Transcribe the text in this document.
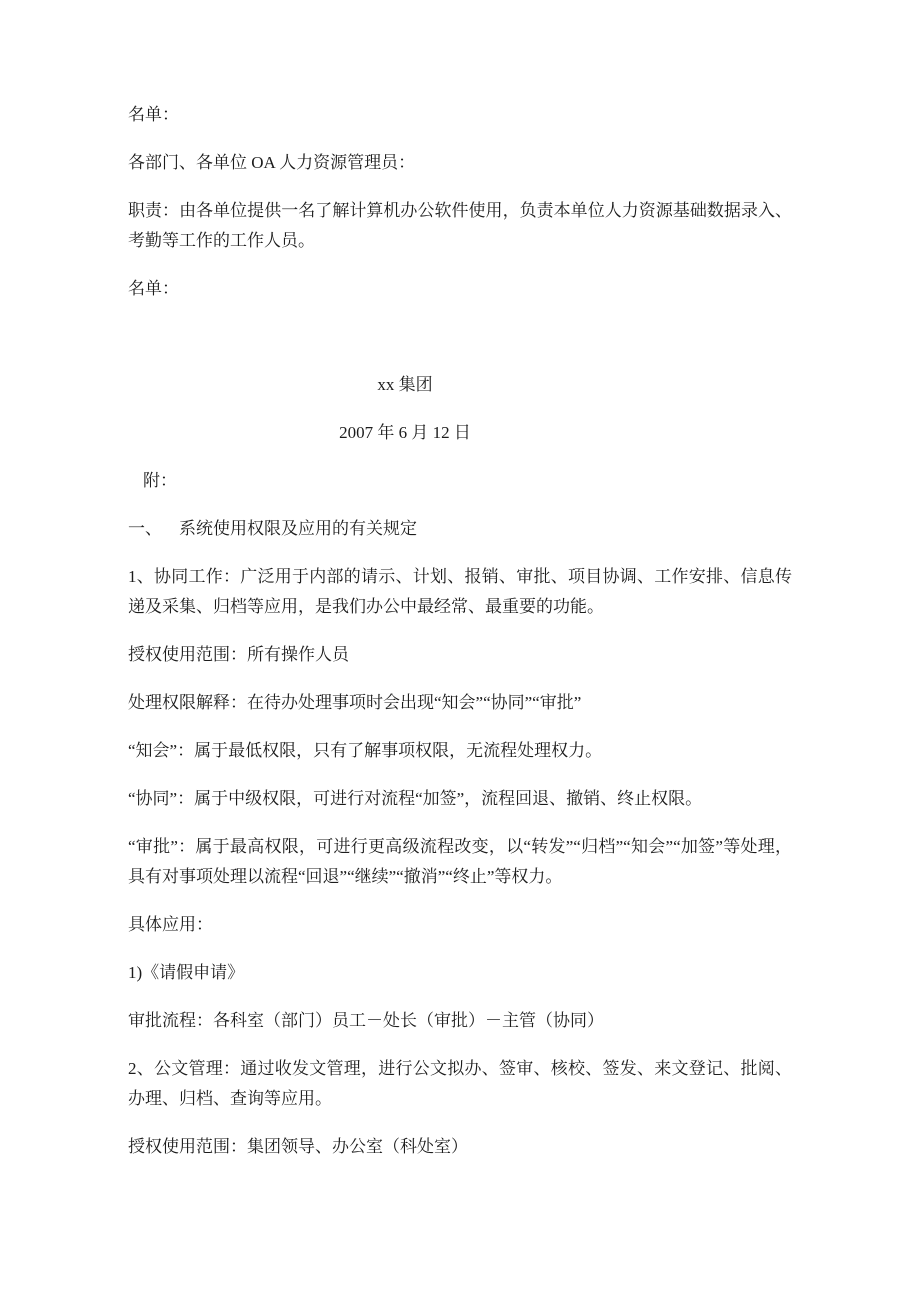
名单：

各部门、各单位 OA 人力资源管理员：

职责：由各单位提供一名了解计算机办公软件使用，负责本单位人力资源基础数据录入、考勤等工作的工作人员。

名单：

xx 集团

2007 年 6 月 12 日

附：

一、 系统使用权限及应用的有关规定

1、协同工作：广泛用于内部的请示、计划、报销、审批、项目协调、工作安排、信息传递及采集、归档等应用，是我们办公中最经常、最重要的功能。

授权使用范围：所有操作人员

处理权限解释：在待办处理事项时会出现“知会”“协同”“审批”

“知会”：属于最低权限，只有了解事项权限，无流程处理权力。

“协同”：属于中级权限，可进行对流程“加签”，流程回退、撤销、终止权限。

“审批”：属于最高权限，可进行更高级流程改变，以“转发”“归档”“知会”“加签”等处理，具有对事项处理以流程“回退”“继续”“撤消”“终止”等权力。

具体应用：

1)《请假申请》

审批流程：各科室（部门）员工－处长（审批）－主管（协同）

2、公文管理：通过收发文管理，进行公文拟办、签审、核校、签发、来文登记、批阅、办理、归档、查询等应用。

授权使用范围：集团领导、办公室（科处室）
